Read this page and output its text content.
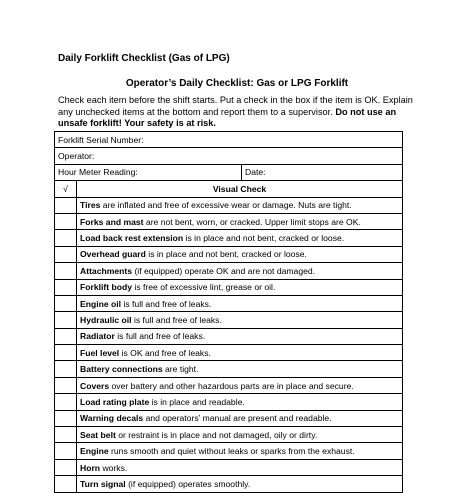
Daily Forklift Checklist (Gas of LPG)
Operator’s Daily Checklist: Gas or LPG Forklift
Check each item before the shift starts. Put a check in the box if the item is OK. Explain any unchecked items at the bottom and report them to a supervisor. Do not use an unsafe forklift! Your safety is at risk.
Forklift Serial Number:		
Operator:		
Hour Meter Reading:		Date:
√	Visual Check	
	Tires are inflated and free of excessive wear or damage. Nuts are tight.	
	Forks and mast are not bent, worn, or cracked. Upper limit stops are OK.	
	Load back rest extension is in place and not bent, cracked or loose.	
	Overhead guard is in place and not bent, cracked or loose.	
	Attachments (if equipped) operate OK and are not damaged.	
	Forklift body is free of excessive lint, grease or oil.	
	Engine oil is full and free of leaks.	
	Hydraulic oil is full and free of leaks.	
	Radiator is full and free of leaks.	
	Fuel level is OK and free of leaks.	
	Battery connections are tight.	
	Covers over battery and other hazardous parts are in place and secure.	
	Load rating plate is in place and readable.	
	Warning decals and operators’ manual are present and readable.	
	Seat belt or restraint is in place and not damaged, oily or dirty.	
	Engine runs smooth and quiet without leaks or sparks from the exhaust.	
	Horn works.	
	Turn signal (if equipped) operates smoothly.	
